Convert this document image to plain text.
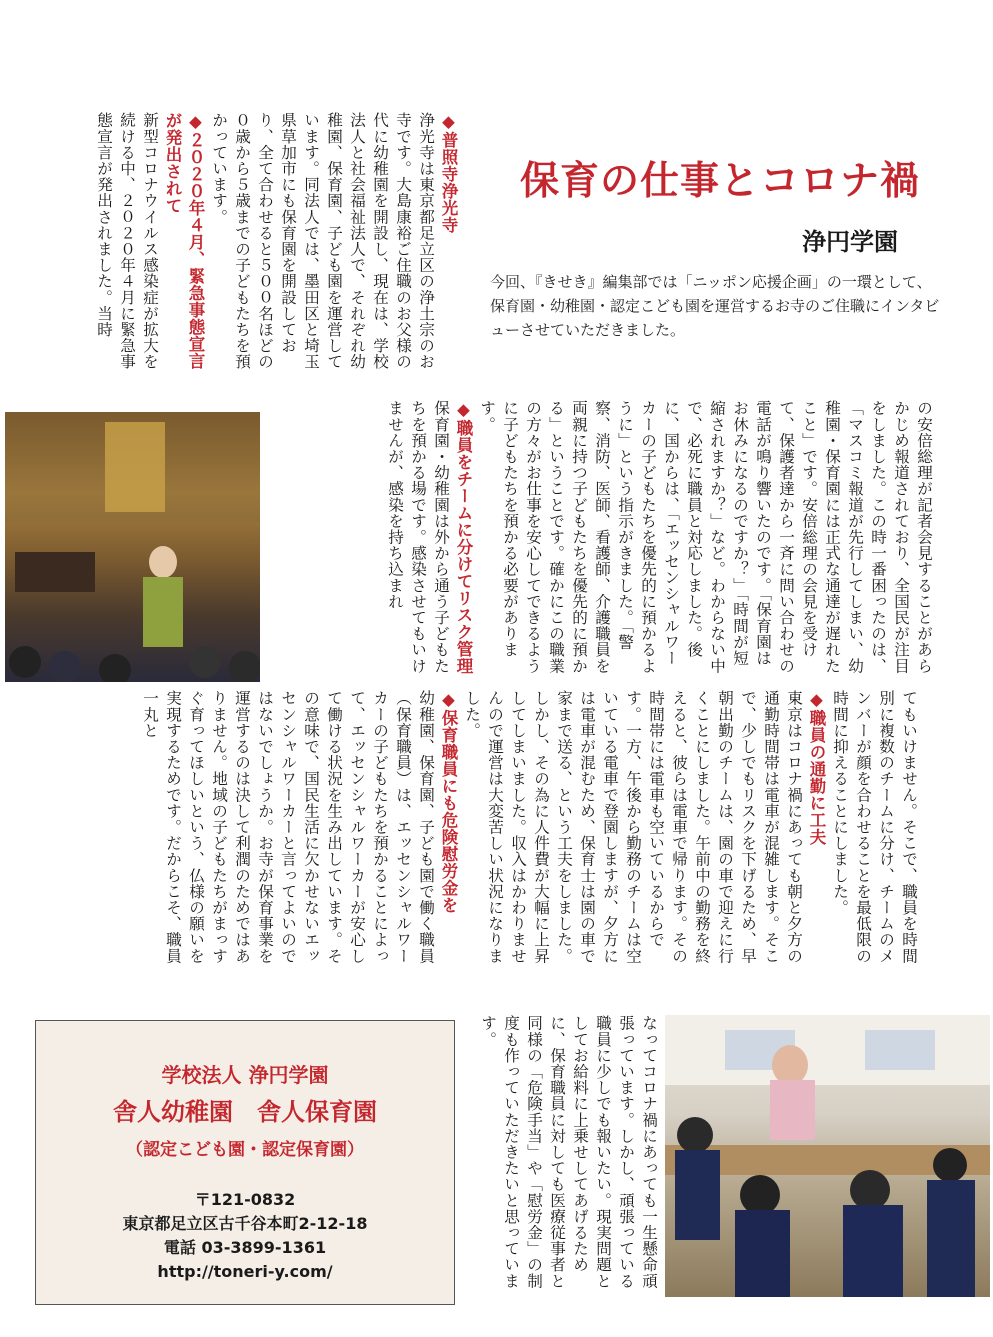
保育の仕事とコロナ禍
浄円学園
今回、『きせき』編集部では「ニッポン応援企画」の一環として、保育園・幼稚園・認定こども園を運営するお寺のご住職にインタビューさせていただきました。

◆普照寺浄光寺

浄光寺は東京都足立区の浄土宗のお寺です。大島康裕ご住職のお父様の代に幼稚園を開設し、現在は、学校法人と社会福祉法人で、それぞれ幼稚園、保育園、子ども園を運営しています。同法人では、墨田区と埼玉県草加市にも保育園を開設しており、全て合わせると５００名ほどの０歳から５歳までの子どもたちを預かっています。

◆２０２０年４月、緊急事態宣言が発出されて

新型コロナウイルス感染症が拡大を続ける中、２０２０年４月に緊急事態宣言が発出されました。当時

の安倍総理が記者会見することがあらかじめ報道されており、全国民が注目をしました。この時一番困ったのは、「マスコミ報道が先行してしまい、幼稚園・保育園には正式な通達が遅れたこと」です。安倍総理の会見を受けて、保護者達から一斉に問い合わせの電話が鳴り響いたのです。「保育園はお休みになるのですか？」「時間が短縮されますか？」など。わからない中で、必死に職員と対応しました。後に、国からは、「エッセンシャルワーカーの子どもたちを優先的に預かるように」という指示がきました。「警察、消防、医師、看護師、介護職員を両親に持つ子どもたちを優先的に預かる」ということです。確かにこの職業の方々がお仕事を安心してできるように子どもたちを預かる必要があります。

◆職員をチームに分けてリスク管理

保育園・幼稚園は外から通う子どもたちを預かる場です。感染させてもいけませんが、感染を持ち込まれ

てもいけません。そこで、職員を時間別に複数のチームに分け、チームのメンバーが顔を合わせることを最低限の時間に抑えることにしました。

◆職員の通勤に工夫

東京はコロナ禍にあっても朝と夕方の通勤時間帯は電車が混雑します。そこで、少しでもリスクを下げるため、早朝出勤のチームは、園の車で迎えに行くことにしました。午前中の勤務を終えると、彼らは電車で帰ります。その時間帯には電車も空いているからです。一方、午後から勤務のチームは空いている電車で登園しますが、夕方には電車が混むため、保育士は園の車で家まで送る、という工夫をしました。しかし、その為に人件費が大幅に上昇してしまいました。収入はかわりませんので運営は大変苦しい状況になりました。

◆保育職員にも危険慰労金を

幼稚園、保育園、子ども園で働く職員（保育職員）は、エッセンシャルワーカーの子どもたちを預かることによって、エッセンシャルワーカーが安心して働ける状況を生み出しています。その意味で、国民生活に欠かせないエッセンシャルワーカーと言ってよいのではないでしょうか。お寺が保育事業を運営するのは決して利潤のためではありません。地域の子どもたちがまっすぐ育ってほしいという、仏様の願いを実現するためです。だからこそ、職員一丸と

学校法人 浄円学園
舎人幼稚園　舎人保育園
（認定こども園・認定保育園）
〒121-0832
東京都足立区古千谷本町2-12-18
電話 03-3899-1361
http://toneri-y.com/	なってコロナ禍にあっても一生懸命頑張っています。しかし、頑張っている職員に少しでも報いたい。現実問題としてお給料に上乗せしてあげるために、保育職員に対しても医療従事者と同様の「危険手当」や「慰労金」の制度も作っていただきたいと思っています。
